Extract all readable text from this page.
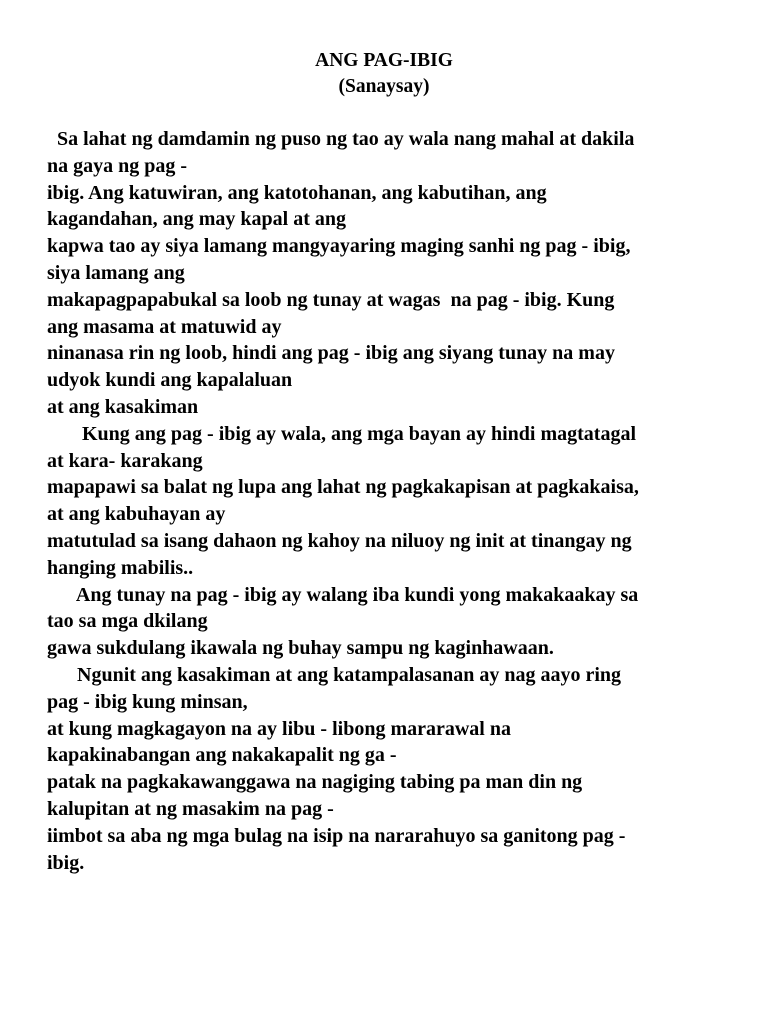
ANG PAG-IBIG
(Sanaysay)
Sa lahat ng damdamin ng puso ng tao ay wala nang mahal at dakila
na gaya ng pag -
ibig. Ang katuwiran, ang katotohanan, ang kabutihan, ang
kagandahan, ang may kapal at ang
kapwa tao ay siya lamang mangyayaring maging sanhi ng pag - ibig,
siya lamang ang
makapagpapabukal sa loob ng tunay at wagas  na pag - ibig. Kung
ang masama at matuwid ay
ninanasa rin ng loob, hindi ang pag - ibig ang siyang tunay na may
udyok kundi ang kapalaluan
at ang kasakiman
Kung ang pag - ibig ay wala, ang mga bayan ay hindi magtatagal
at kara- karakang
mapapawi sa balat ng lupa ang lahat ng pagkakapisan at pagkakaisa,
at ang kabuhayan ay
matutulad sa isang dahaon ng kahoy na niluoy ng init at tinangay ng
hanging mabilis..
Ang tunay na pag - ibig ay walang iba kundi yong makakaakay sa
tao sa mga dkilang
gawa sukdulang ikawala ng buhay sampu ng kaginhawaan.
Ngunit ang kasakiman at ang katampalasanan ay nag aayo ring
pag - ibig kung minsan,
at kung magkagayon na ay libu - libong mararawal na
kapakinabangan ang nakakapalit ng ga -
patak na pagkakawanggawa na nagiging tabing pa man din ng
kalupitan at ng masakim na pag -
iimbot sa aba ng mga bulag na isip na nararahuyo sa ganitong pag -
ibig.
